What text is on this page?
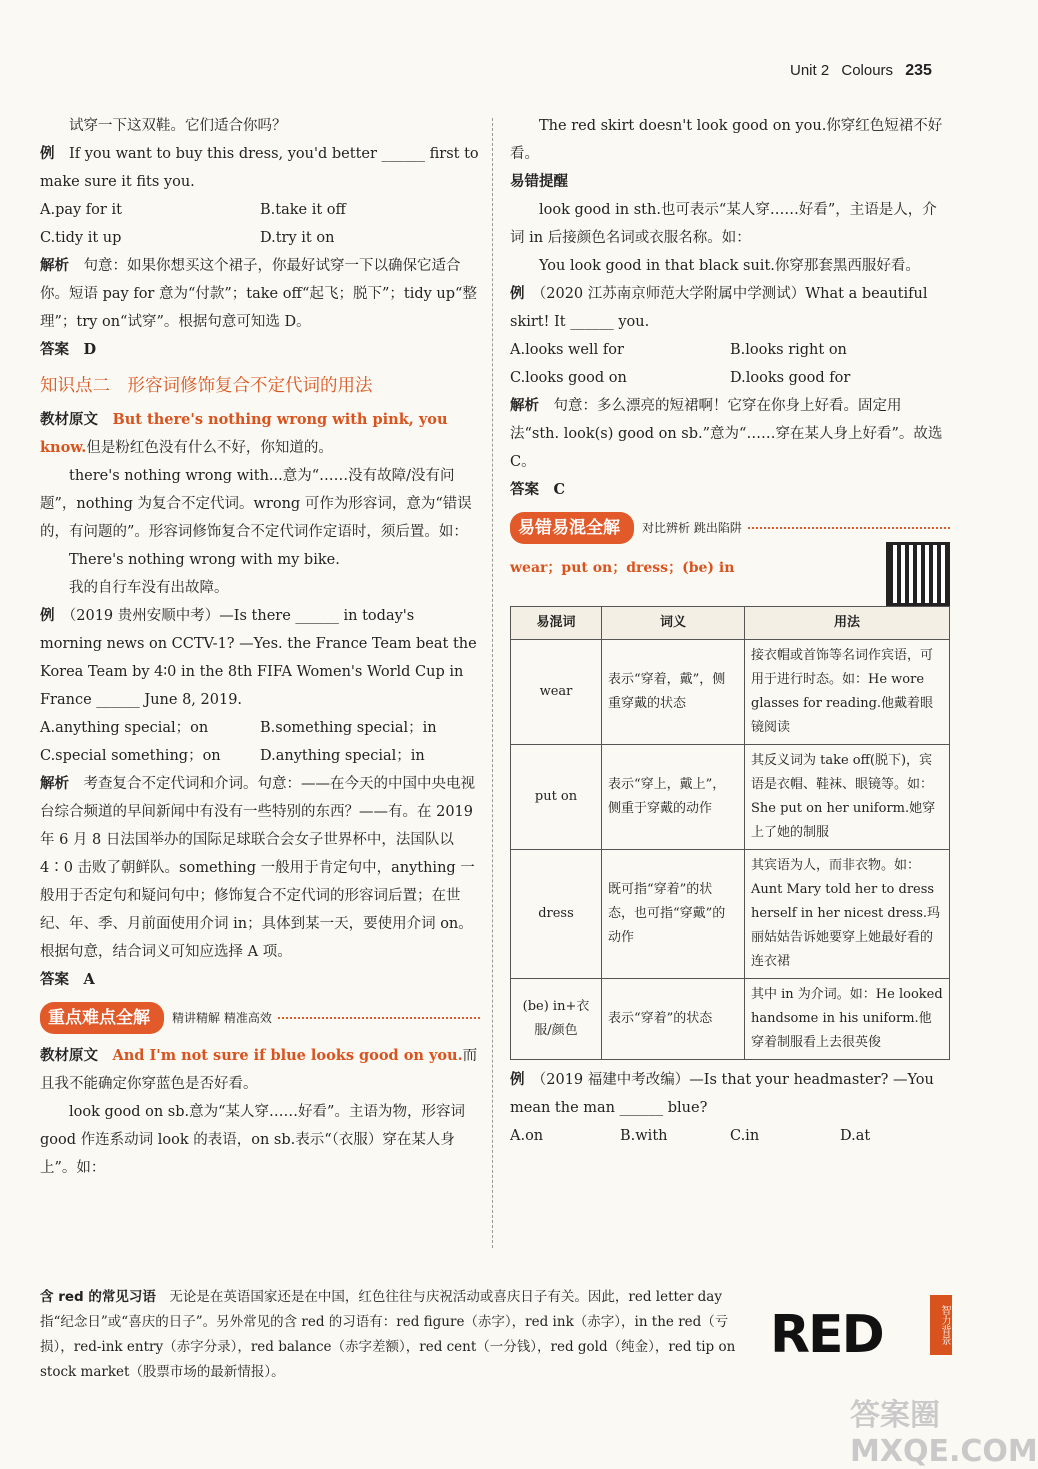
Unit 2 Colours 235

试穿一下这双鞋。它们适合你吗？

例　 If you want to buy this dress, you'd better ______ first to make sure it fits you.

A.pay for it	B.take it off
C.tidy it up	D.try it on

解析　 句意：如果你想买这个裙子，你最好试穿一下以确保它适合你。短语 pay for 意为“付款”；take off“起飞；脱下”；tidy up“整理”；try on“试穿”。根据句意可知选 D。

答案　 D

知识点二　形容词修饰复合不定代词的用法

教材原文　 But there's nothing wrong with pink, you know.但是粉红色没有什么不好，你知道的。

there's nothing wrong with...意为“……没有故障/没有问题”，nothing 为复合不定代词。wrong 可作为形容词，意为“错误的，有问题的”。形容词修饰复合不定代词作定语时，须后置。如：

There's nothing wrong with my bike.

我的自行车没有出故障。

例　 （2019 贵州安顺中考）—Is there ______ in today's morning news on CCTV-1? —Yes. the France Team beat the Korea Team by 4∶0 in the 8th FIFA Women's World Cup in France ______ June 8, 2019.

A.anything special；on	B.something special；in
C.special something；on	D.anything special；in

解析　 考查复合不定代词和介词。句意：——在今天的中国中央电视台综合频道的早间新闻中有没有一些特别的东西？——有。在 2019 年 6 月 8 日法国举办的国际足球联合会女子世界杯中，法国队以 4∶0 击败了朝鲜队。something 一般用于肯定句中，anything 一般用于否定句和疑问句中；修饰复合不定代词的形容词后置；在世纪、年、季、月前面使用介词 in；具体到某一天，要使用介词 on。根据句意，结合词义可知应选择 A 项。

答案　 A

重点难点全解	精讲精解 精准高效

教材原文　 And I'm not sure if blue looks good on you.而且我不能确定你穿蓝色是否好看。

look good on sb.意为“某人穿……好看”。主语为物，形容词 good 作连系动词 look 的表语，on sb.表示“（衣服）穿在某人身上”。如：

The red skirt doesn't look good on you.你穿红色短裙不好看。

易错提醒

look good in sth.也可表示“某人穿……好看”，主语是人，介词 in 后接颜色名词或衣服名称。如：

You look good in that black suit.你穿那套黑西服好看。

例　 （2020 江苏南京师范大学附属中学测试）What a beautiful skirt! It ______ you.

A.looks well for	B.looks right on
C.looks good on	D.looks good for

解析　 句意：多么漂亮的短裙啊！它穿在你身上好看。固定用法“sth. look(s) good on sb.”意为“……穿在某人身上好看”。故选 C。

答案　 C

易错易混全解	对比辨析 跳出陷阱
wear；put on；dress；(be) in
易混词	词义	用法
wear	表示“穿着，戴”，侧重穿戴的状态	接衣帽或首饰等名词作宾语，可用于进行时态。如：He wore glasses for reading.他戴着眼镜阅读
put on	表示“穿上，戴上”，侧重于穿戴的动作	其反义词为 take off(脱下)，宾语是衣帽、鞋袜、眼镜等。如：She put on her uniform.她穿上了她的制服
dress	既可指“穿着”的状态，也可指“穿戴”的动作	其宾语为人，而非衣物。如：Aunt Mary told her to dress herself in her nicest dress.玛丽姑姑告诉她要穿上她最好看的连衣裙
(be) in+衣服/颜色	表示“穿着”的状态	其中 in 为介词。如：He looked handsome in his uniform.他穿着制服看上去很英俊

例　 （2019 福建中考改编）—Is that your headmaster? —You mean the man ______ blue?

A.on	B.with	C.in	D.at
含 red 的常见习语　 无论是在英语国家还是在中国，红色往往与庆祝活动或喜庆日子有关。因此，red letter day 指“纪念日”或“喜庆的日子”。另外常见的含 red 的习语有：red figure（赤字），red ink（赤字），in the red（亏损），red-ink entry（赤字分录），red balance（赤字差额），red cent（一分钱），red gold（纯金），red tip on stock market（股票市场的最新情报）。
RED	智力背景
答案圈 MXQE.COM
